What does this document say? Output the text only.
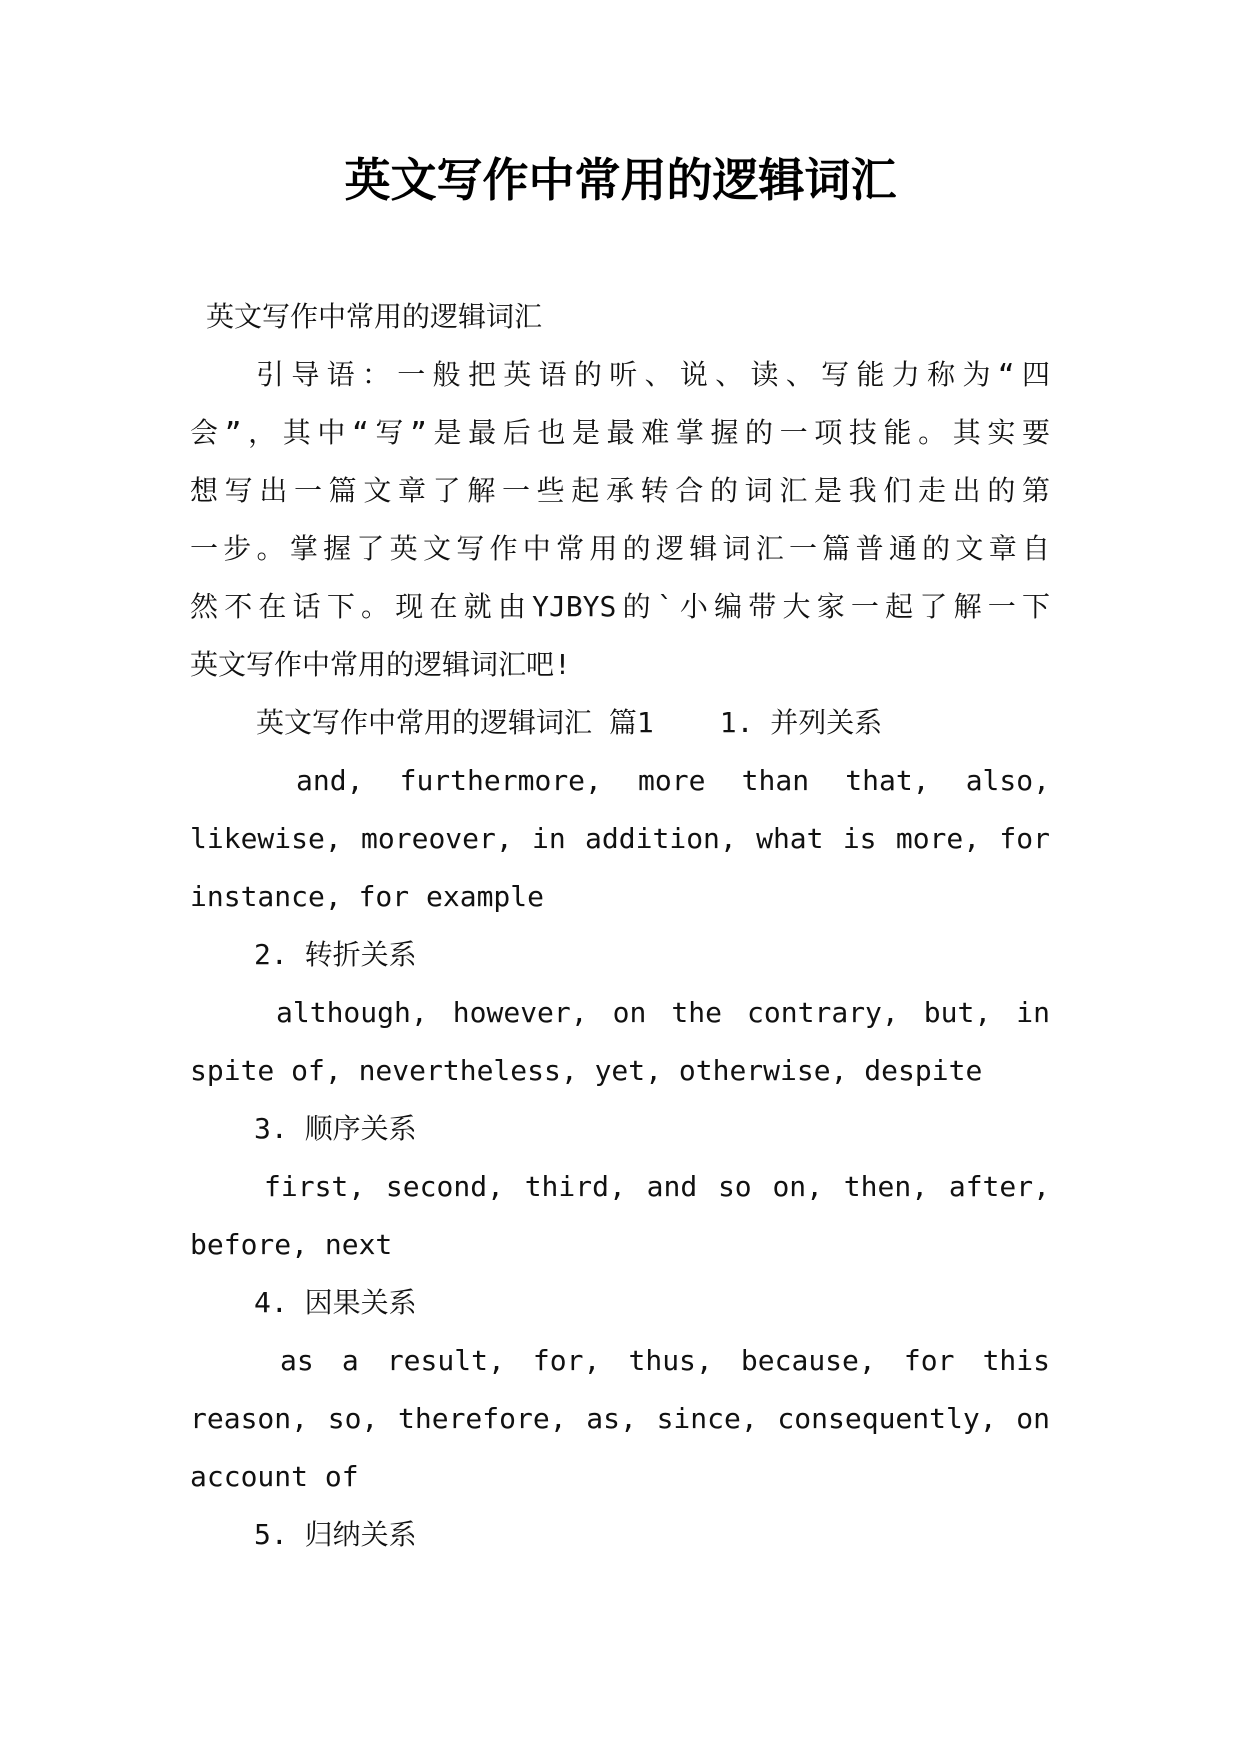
英文写作中常用的逻辑词汇

英文写作中常用的逻辑词汇

引导语：一般把英语的听、说、读、写能力称为“四

会”，其中“写”是最后也是最难掌握的一项技能。其实要

想写出一篇文章了解一些起承转合的词汇是我们走出的第

一步。掌握了英文写作中常用的逻辑词汇一篇普通的文章自

然不在话下。现在就由YJBYS的`小编带大家一起了解一下

英文写作中常用的逻辑词汇吧!

英文写作中常用的逻辑词汇 篇1 1. 并列关系

and, furthermore, more than that, also,

likewise, moreover, in addition, what is more, for

instance, for example

2. 转折关系

although, however, on the contrary, but, in

spite of, nevertheless, yet, otherwise, despite

3. 顺序关系

first, second, third, and so on, then, after,

before, next

4. 因果关系

as a result, for, thus, because, for this

reason, so, therefore, as, since, consequently, on

account of

5. 归纳关系
